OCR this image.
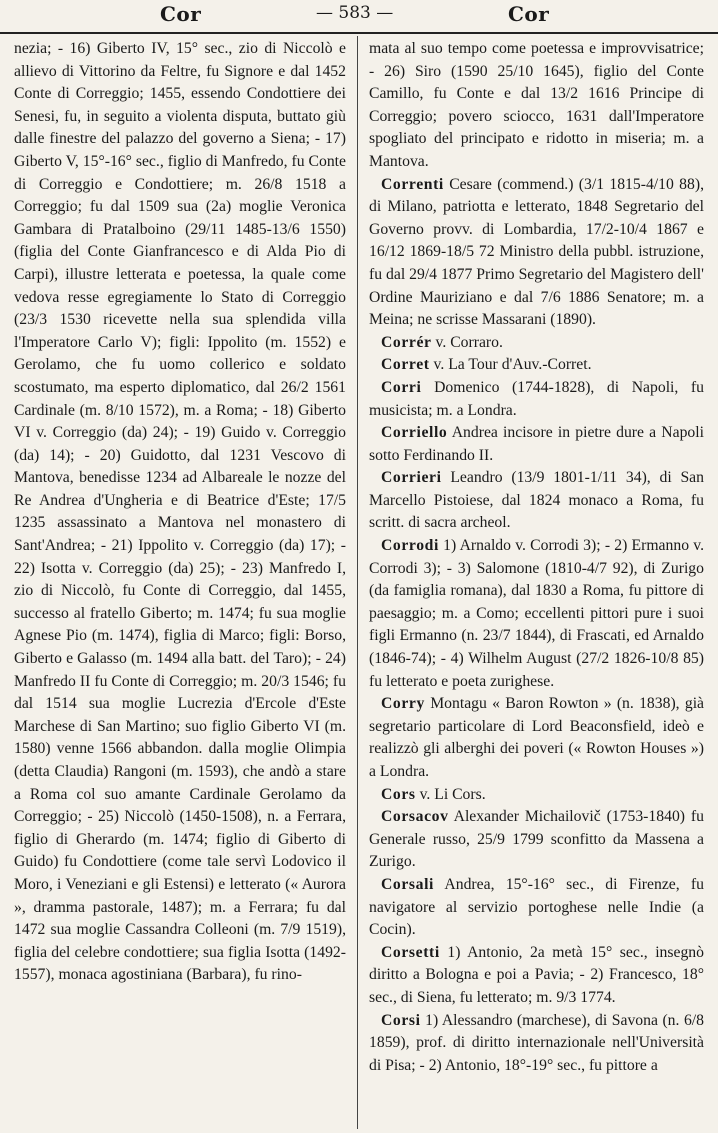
Cor	— 583 —	Cor

nezia; - 16) Giberto IV, 15° sec., zio di Niccolò e allievo di Vittorino da Feltre, fu Signore e dal 1452 Conte di Correggio; 1455, essendo Condottiere dei Senesi, fu, in seguito a violenta disputa, buttato giù dalle finestre del palazzo del governo a Siena; - 17) Giberto V, 15°-16° sec., figlio di Manfredo, fu Conte di Correggio e Condottiere; m. 26/8 1518 a Correggio; fu dal 1509 sua (2a) moglie Veronica Gambara di Pratalboino (29/11 1485-13/6 1550) (figlia del Conte Gianfrancesco e di Alda Pio di Carpi), illustre letterata e poetessa, la quale come vedova resse egregiamente lo Stato di Correggio (23/3 1530 ricevette nella sua splendida villa l'Imperatore Carlo V); figli: Ippolito (m. 1552) e Gerolamo, che fu uomo collerico e soldato scostumato, ma esperto diplomatico, dal 26/2 1561 Cardinale (m. 8/10 1572), m. a Roma; - 18) Giberto VI v. Correggio (da) 24); - 19) Guido v. Correggio (da) 14); - 20) Guidotto, dal 1231 Vescovo di Mantova, benedisse 1234 ad Albareale le nozze del Re Andrea d'Ungheria e di Beatrice d'Este; 17/5 1235 assassinato a Mantova nel monastero di Sant'Andrea; - 21) Ippolito v. Correggio (da) 17); - 22) Isotta v. Correggio (da) 25); - 23) Manfredo I, zio di Niccolò, fu Conte di Correggio, dal 1455, successo al fratello Giberto; m. 1474; fu sua moglie Agnese Pio (m. 1474), figlia di Marco; figli: Borso, Giberto e Galasso (m. 1494 alla batt. del Taro); - 24) Manfredo II fu Conte di Correggio; m. 20/3 1546; fu dal 1514 sua moglie Lucrezia d'Ercole d'Este Marchese di San Martino; suo figlio Giberto VI (m. 1580) venne 1566 abbandon. dalla moglie Olimpia (detta Claudia) Rangoni (m. 1593), che andò a stare a Roma col suo amante Cardinale Gerolamo da Correggio; - 25) Niccolò (1450-1508), n. a Ferrara, figlio di Gherardo (m. 1474; figlio di Giberto di Guido) fu Condottiere (come tale servì Lodovico il Moro, i Veneziani e gli Estensi) e letterato (« Aurora », dramma pastorale, 1487); m. a Ferrara; fu dal 1472 sua moglie Cassandra Colleoni (m. 7/9 1519), figlia del celebre condottiere; sua figlia Isotta (1492-1557), monaca agostiniana (Barbara), fu rino-

mata al suo tempo come poetessa e improvvisatrice; - 26) Siro (1590 25/10 1645), figlio del Conte Camillo, fu Conte e dal 13/2 1616 Principe di Correggio; povero sciocco, 1631 dall'Imperatore spogliato del principato e ridotto in miseria; m. a Mantova.

Correnti Cesare (commend.) (3/1 1815-4/10 88), di Milano, patriotta e letterato, 1848 Segretario del Governo provv. di Lombardia, 17/2-10/4 1867 e 16/12 1869-18/5 72 Ministro della pubbl. istruzione, fu dal 29/4 1877 Primo Segretario del Magistero dell' Ordine Mauriziano e dal 7/6 1886 Senatore; m. a Meina; ne scrisse Massarani (1890).

Corrér v. Corraro.

Corret v. La Tour d'Auv.-Corret.

Corri Domenico (1744-1828), di Napoli, fu musicista; m. a Londra.

Corriello Andrea incisore in pietre dure a Napoli sotto Ferdinando II.

Corrieri Leandro (13/9 1801-1/11 34), di San Marcello Pistoiese, dal 1824 monaco a Roma, fu scritt. di sacra archeol.

Corrodi 1) Arnaldo v. Corrodi 3); - 2) Ermanno v. Corrodi 3); - 3) Salomone (1810-4/7 92), di Zurigo (da famiglia romana), dal 1830 a Roma, fu pittore di paesaggio; m. a Como; eccellenti pittori pure i suoi figli Ermanno (n. 23/7 1844), di Frascati, ed Arnaldo (1846-74); - 4) Wilhelm August (27/2 1826-10/8 85) fu letterato e poeta zurighese.

Corry Montagu « Baron Rowton » (n. 1838), già segretario particolare di Lord Beaconsfield, ideò e realizzò gli alberghi dei poveri (« Rowton Houses ») a Londra.

Cors v. Li Cors.

Corsacov Alexander Michailovič (1753-1840) fu Generale russo, 25/9 1799 sconfitto da Massena a Zurigo.

Corsali Andrea, 15°-16° sec., di Firenze, fu navigatore al servizio portoghese nelle Indie (a Cocin).

Corsetti 1) Antonio, 2a metà 15° sec., insegnò diritto a Bologna e poi a Pavia; - 2) Francesco, 18° sec., di Siena, fu letterato; m. 9/3 1774.

Corsi 1) Alessandro (marchese), di Savona (n. 6/8 1859), prof. di diritto internazionale nell'Università di Pisa; - 2) Antonio, 18°-19° sec., fu pittore a
